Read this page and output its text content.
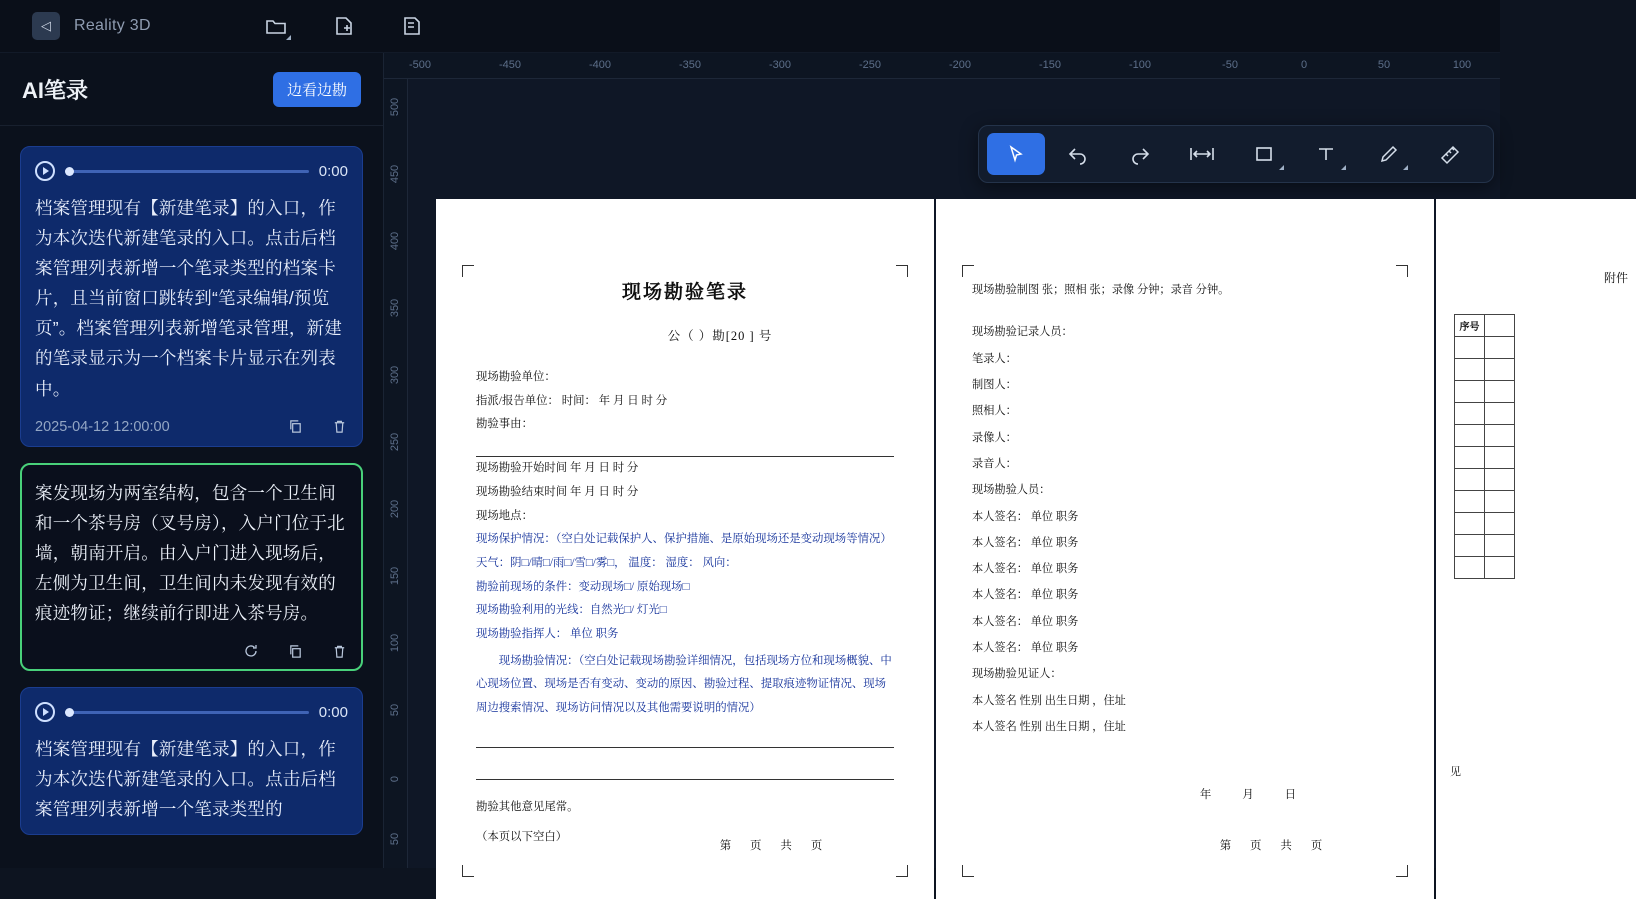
◁	Reality 3D
AI笔录	边看边勘
0:00
档案管理现有【新建笔录】的入口，作为本次迭代新建笔录的入口。点击后档案管理列表新增一个笔录类型的档案卡片，且当前窗口跳转到“笔录编辑/预览页”。档案管理列表新增笔录管理，新建的笔录显示为一个档案卡片显示在列表中。
2025-04-12 12:00:00
案发现场为两室结构，包含一个卫生间和一个茶号房（叉号房），入户门位于北墙，朝南开启。由入户门进入现场后，左侧为卫生间，卫生间内未发现有效的痕迹物证；继续前行即进入茶号房。
0:00
档案管理现有【新建笔录】的入口，作为本次迭代新建笔录的入口。点击后档案管理列表新增一个笔录类型的
-500	-450	-400	-350	-300	-250	-200	-150	-100	-50	0	50	100
500
450
400
350
300
250
200
150
100
50
0
50
现场勘验笔录
公（ ）勘[20 ] 号
现场勘验单位：
指派/报告单位： 时间： 年 月 日 时 分
勘验事由：
现场勘验开始时间 年 月 日 时 分
现场勘验结束时间 年 月 日 时 分
现场地点：
现场保护情况：（空白处记载保护人、保护措施、是原始现场还是变动现场等情况）
天气：阴□/晴□/雨□/雪□/雾□， 温度： 湿度： 风向：
勘验前现场的条件：变动现场□/ 原始现场□
现场勘验利用的光线：自然光□/ 灯光□
现场勘验指挥人： 单位 职务
现场勘验情况：（空白处记载现场勘验详细情况，包括现场方位和现场概貌、中心现场位置、现场是否有变动、变动的原因、勘验过程、提取痕迹物证情况、现场周边搜索情况、现场访问情况以及其他需要说明的情况）
勘验其他意见尾常。
（本页以下空白）
第 页 共 页
现场勘验制图 张；照相 张；录像 分钟；录音 分钟。
现场勘验记录人员：
笔录人：
制图人：
照相人：
录像人：
录音人：
现场勘验人员：
本人签名： 单位 职务
本人签名： 单位 职务
本人签名： 单位 职务
本人签名： 单位 职务
本人签名： 单位 职务
本人签名： 单位 职务
现场勘验见证人：
本人签名 性别 出生日期 ，住址
本人签名 性别 出生日期 ，住址
年 月 日
第 页 共 页
附件
序号	

见
